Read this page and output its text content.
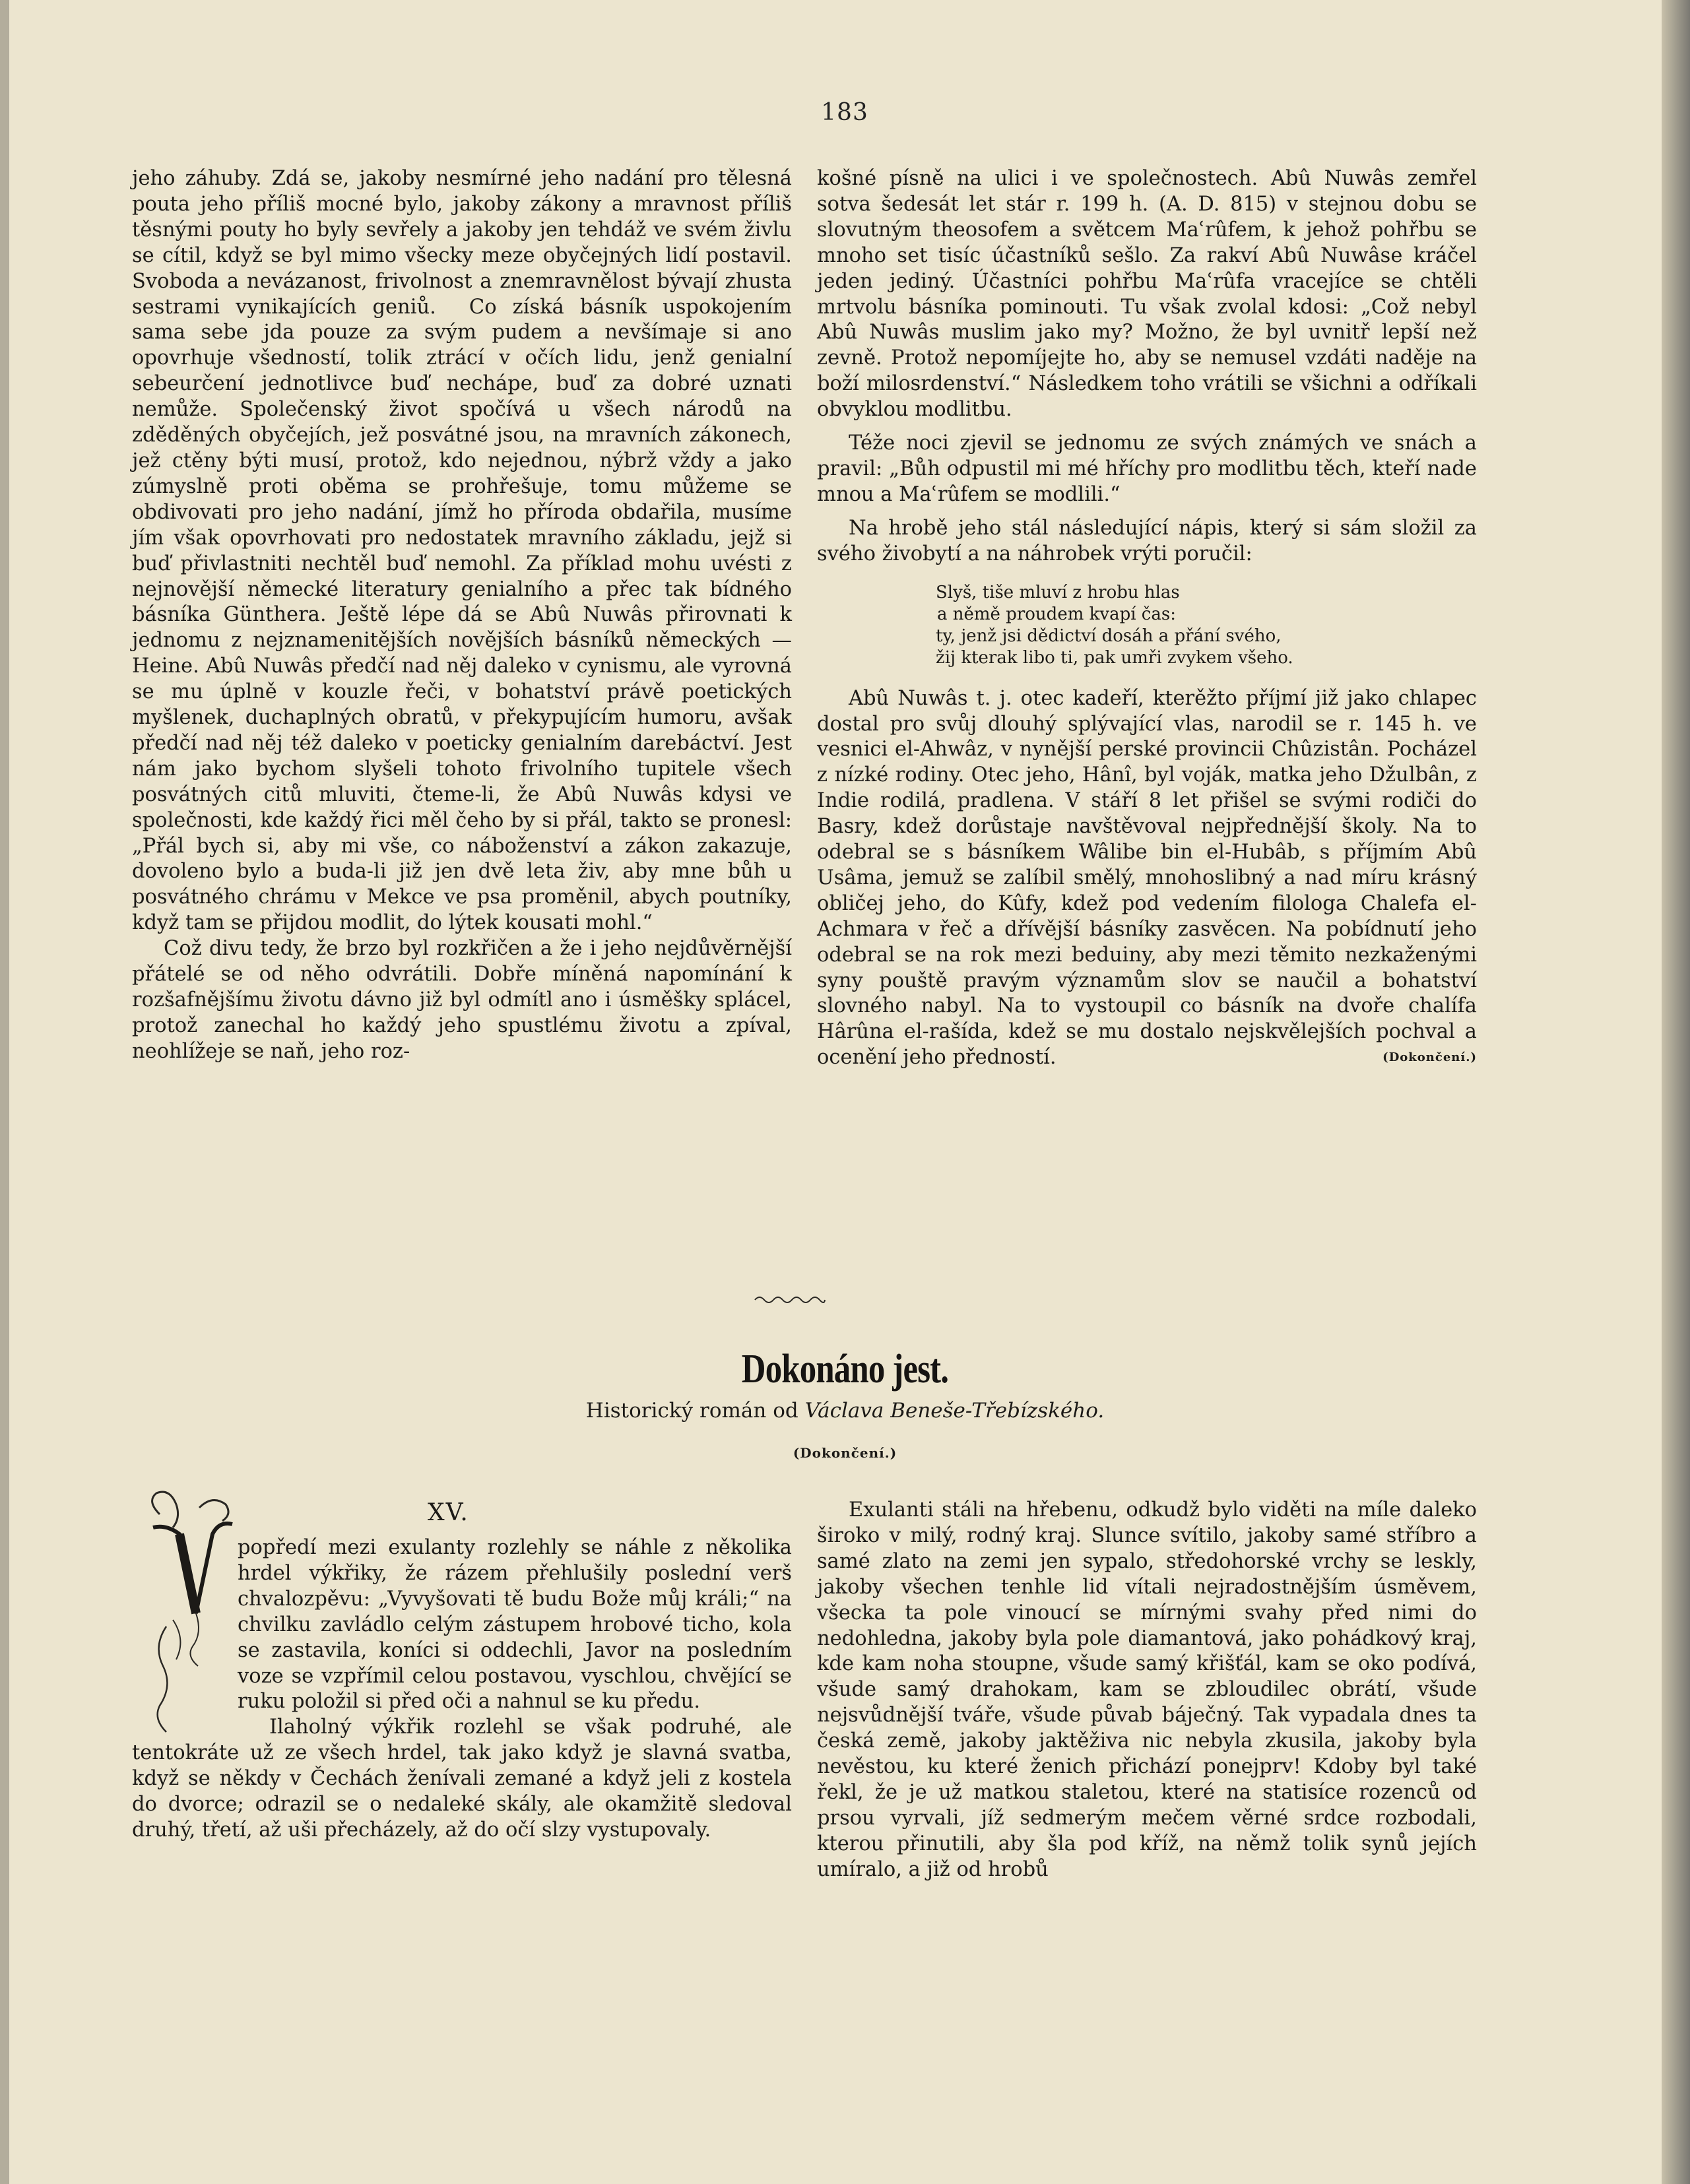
183

jeho záhuby. Zdá se, jakoby nesmírné jeho nadání pro tělesná pouta jeho příliš mocné bylo, jakoby zákony a mravnost příliš těsnými pouty ho byly sevřely a jakoby jen tehdáž ve svém živlu se cítil, když se byl mimo všecky meze obyčejných lidí postavil. Svoboda a nevázanost, frivolnost a znemravnělost bývají zhusta sestrami vynikajících geniů. Co získá básník uspokojením sama sebe jda pouze za svým pudem a nevšímaje si ano opovrhuje všedností, tolik ztrácí v očích lidu, jenž genialní sebeurčení jednotlivce buď nechápe, buď za dobré uznati nemůže. Společenský život spočívá u všech národů na zděděných obyčejích, jež posvátné jsou, na mravních zákonech, jež ctěny býti musí, protož, kdo nejednou, nýbrž vždy a jako zúmyslně proti oběma se prohřešuje, tomu můžeme se obdivovati pro jeho nadání, jímž ho příroda obdařila, musíme jím však opovrhovati pro nedostatek mravního základu, jejž si buď přivlastniti nechtěl buď nemohl. Za příklad mohu uvésti z nejnovější německé literatury genialního a přec tak bídného básníka Günthera. Ještě lépe dá se Abû Nuwâs přirovnati k jednomu z nejznamenitějších novějších básníků německých — Heine. Abû Nuwâs předčí nad něj daleko v cynismu, ale vyrovná se mu úplně v kouzle řeči, v bohatství právě poetických myšlenek, duchaplných obratů, v překypujícím humoru, avšak předčí nad něj též daleko v poeticky genialním darebáctví. Jest nám jako bychom slyšeli tohoto frivolního tupitele všech posvátných citů mluviti, čteme-li, že Abû Nuwâs kdysi ve společnosti, kde každý řici měl čeho by si přál, takto se pronesl: „Přál bych si, aby mi vše, co náboženství a zákon zakazuje, dovoleno bylo a buda-li již jen dvě leta živ, aby mne bůh u posvátného chrámu v Mekce ve psa proměnil, abych poutníky, když tam se přijdou modlit, do lýtek kousati mohl.“

Což divu tedy, že brzo byl rozkřičen a že i jeho nejdůvěrnější přátelé se od něho odvrátili. Dobře míněná napomínání k rozšafnějšímu životu dávno již byl odmítl ano i úsměšky splácel, protož zanechal ho každý jeho spustlému životu a zpíval, neohlížeje se naň, jeho roz-

košné písně na ulici i ve společnostech. Abû Nuwâs zemřel sotva šedesát let stár r. 199 h. (A. D. 815) v stejnou dobu se slovutným theosofem a světcem Maʿrûfem, k jehož pohřbu se mnoho set tisíc účastníků sešlo. Za rakví Abû Nuwâse kráčel jeden jediný. Účastníci pohřbu Maʿrûfa vracejíce se chtěli mrtvolu básníka pominouti. Tu však zvolal kdosi: „Což nebyl Abû Nuwâs muslim jako my? Možno, že byl uvnitř lepší než zevně. Protož nepomíjejte ho, aby se nemusel vzdáti naděje na boží milosrdenství.“ Následkem toho vrátili se všichni a odříkali obvyklou modlitbu.

Téže noci zjevil se jednomu ze svých známých ve snách a pravil: „Bůh odpustil mi mé hříchy pro modlitbu těch, kteří nade mnou a Maʿrûfem se modlili.“

Na hrobě jeho stál následující nápis, který si sám složil za svého živobytí a na náhrobek vrýti poručil:

Slyš, tiše mluví z hrobu hlas
a němě proudem kvapí čas:
ty, jenž jsi dědictví dosáh a přání svého,
žij kterak libo ti, pak umři zvykem všeho.

Abû Nuwâs t. j. otec kadeří, kterěžto příjmí již jako chlapec dostal pro svůj dlouhý splývající vlas, narodil se r. 145 h. ve vesnici el-Ahwâz, v nynější perské provincii Chûzistân. Pocházel z nízké rodiny. Otec jeho, Hânî, byl voják, matka jeho Džulbân, z Indie rodilá, pradlena. V stáří 8 let přišel se svými rodiči do Basry, kdež dorůstaje navštěvoval nejpřednější školy. Na to odebral se s básníkem Wâlibe bin el-Hubâb, s příjmím Abû Usâma, jemuž se zalíbil smělý, mnohoslibný a nad míru krásný obličej jeho, do Kûfy, kdež pod vedením filologa Chalefa el-Achmara v řeč a dřívější básníky zasvěcen. Na pobídnutí jeho odebral se na rok mezi beduiny, aby mezi těmito nezkaženými syny pouště pravým významům slov se naučil a bohatství slovného nabyl. Na to vystoupil co básník na dvoře chalífa Hârûna el-rašída, kdež se mu dostalo nejskvělejších pochval a ocenění jeho předností.	(Dokončení.)
Dokonáno jest.
Historický román od Václava Beneše-Třebízského.
(Dokončení.)
XV.

popředí mezi exulanty rozlehly se náhle z několika hrdel výkřiky, že rázem přehlušily poslední verš chvalozpěvu: „Vyvyšovati tě budu Bože můj králi;“ na chvilku zavládlo celým zástupem hrobové ticho, kola se zastavila, koníci si oddechli, Javor na posledním voze se vzpřímil celou postavou, vyschlou, chvějící se ruku položil si před oči a nahnul se ku předu.

Ilaholný výkřik rozlehl se však podruhé, ale tentokráte už ze všech hrdel, tak jako když je slavná svatba, když se někdy v Čechách ženívali zemané a když jeli z kostela do dvorce; odrazil se o nedaleké skály, ale okamžitě sledoval druhý, třetí, až uši přecházely, až do očí slzy vystupovaly.

Exulanti stáli na hřebenu, odkudž bylo viděti na míle daleko široko v milý, rodný kraj. Slunce svítilo, jakoby samé stříbro a samé zlato na zemi jen sypalo, středohorské vrchy se leskly, jakoby všechen tenhle lid vítali nejradostnějším úsměvem, všecka ta pole vinoucí se mírnými svahy před nimi do nedohledna, jakoby byla pole diamantová, jako pohádkový kraj, kde kam noha stoupne, všude samý křišťál, kam se oko podívá, všude samý drahokam, kam se zbloudilec obrátí, všude nejsvůdnější tváře, všude půvab báječný. Tak vypadala dnes ta česká země, jakoby jaktěživa nic nebyla zkusila, jakoby byla nevěstou, ku které ženich přichází ponejprv! Kdoby byl také řekl, že je už matkou staletou, které na statisíce rozenců od prsou vyrvali, jíž sedmerým mečem věrné srdce rozbodali, kterou přinutili, aby šla pod kříž, na němž tolik synů jejích umíralo, a již od hrobů
